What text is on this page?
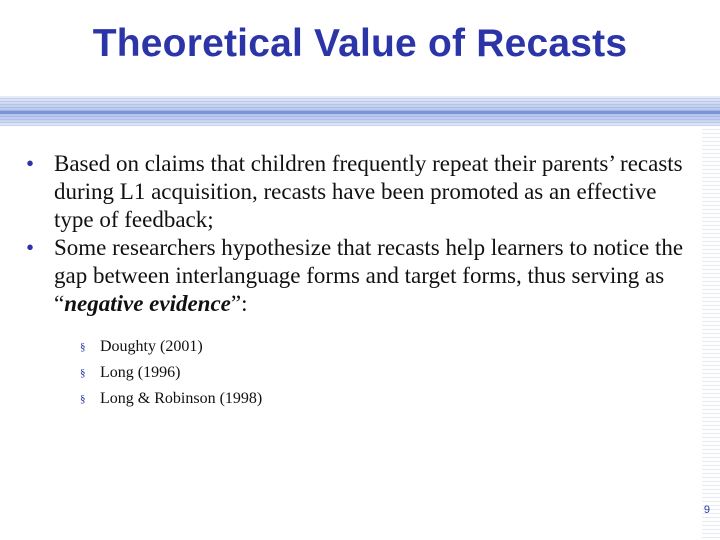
Theoretical Value of Recasts
• Based on claims that children frequently repeat their parents’ recasts during L1 acquisition, recasts have been promoted as an effective type of feedback;
• Some researchers hypothesize that recasts help learners to notice the gap between interlanguage forms and target forms, thus serving as “negative evidence”:
§ Doughty (2001)
§ Long (1996)
§ Long & Robinson (1998)
9
